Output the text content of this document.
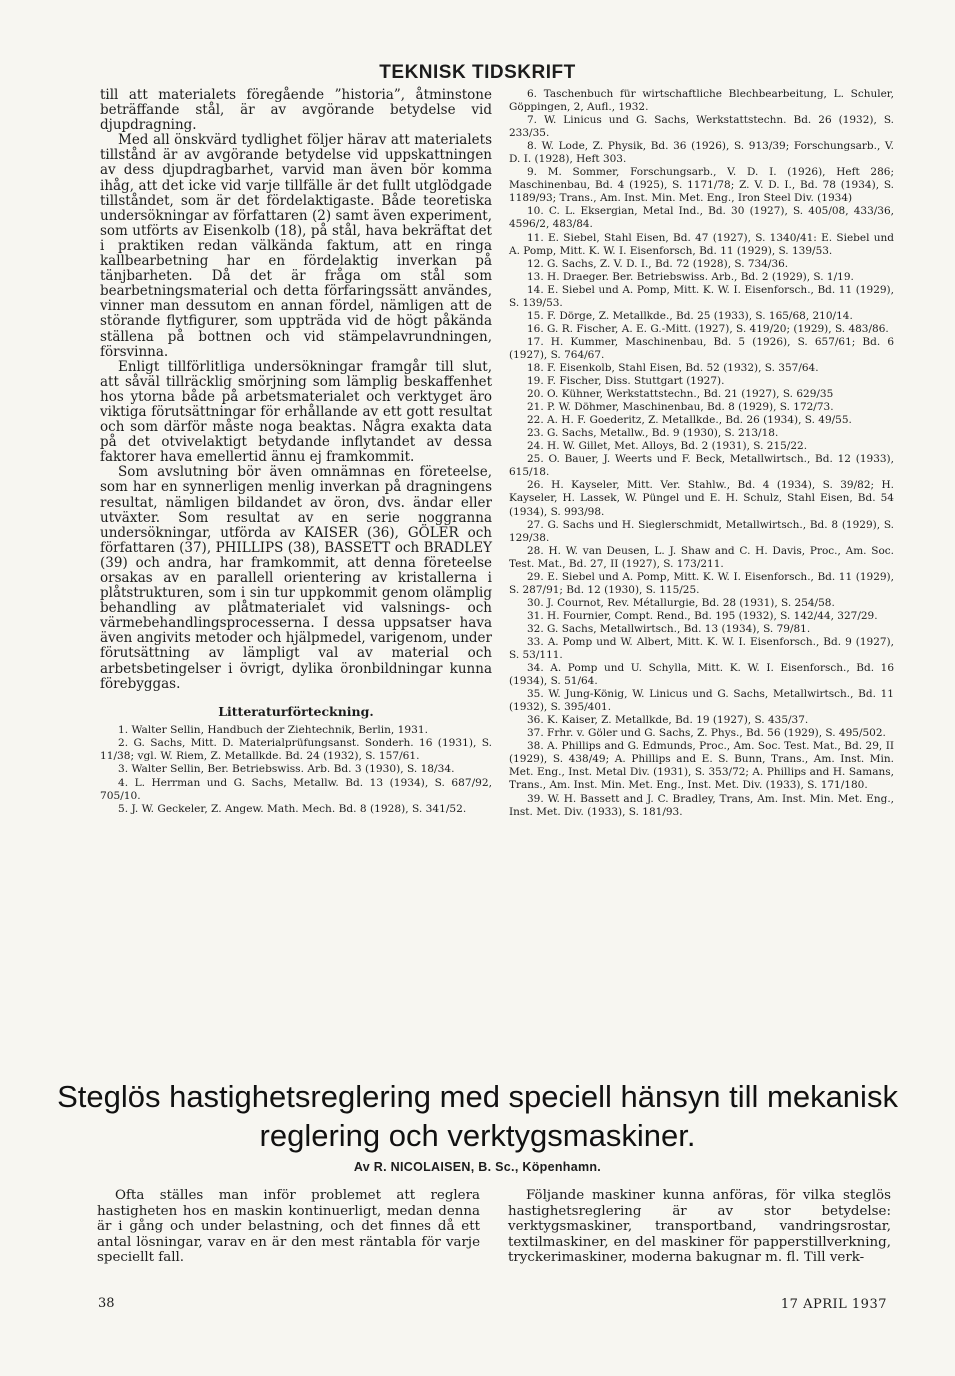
TEKNISK TIDSKRIFT

till att materialets föregående ”historia”, åtminstone beträffande stål, är av avgörande betydelse vid djupdragning.

Med all önskvärd tydlighet följer härav att materialets tillstånd är av avgörande betydelse vid uppskattningen av dess djupdragbarhet, varvid man även bör komma ihåg, att det icke vid varje tillfälle är det fullt utglödgade tillståndet, som är det fördelaktigaste. Både teoretiska undersökningar av författaren (2) samt även experiment, som utförts av Eisenkolb (18), på stål, hava bekräftat det i praktiken redan välkända faktum, att en ringa kallbearbetning har en fördelaktig inverkan på tänjbarheten. Då det är fråga om stål som bearbetningsmaterial och detta förfaringssätt användes, vinner man dessutom en annan fördel, nämligen att de störande flytfigurer, som uppträda vid de högt påkända ställena på bottnen och vid stämpelavrundningen, försvinna.

Enligt tillförlitliga undersökningar framgår till slut, att såväl tillräcklig smörjning som lämplig beskaffenhet hos ytorna både på arbetsmaterialet och verktyget äro viktiga förutsättningar för erhållande av ett gott resultat och som därför måste noga beaktas. Några exakta data på det otvivelaktigt betydande inflytandet av dessa faktorer hava emellertid ännu ej framkommit.

Som avslutning bör även omnämnas en företeelse, som har en synnerligen menlig inverkan på dragningens resultat, nämligen bildandet av öron, dvs. ändar eller utväxter. Som resultat av en serie noggranna undersökningar, utförda av KAISER (36), GÖLER och författaren (37), PHILLIPS (38), BASSETT och BRADLEY (39) och andra, har framkommit, att denna företeelse orsakas av en parallell orientering av kristallerna i plåtstrukturen, som i sin tur uppkommit genom olämplig behandling av plåtmaterialet vid valsnings- och värmebehandlingsprocesserna. I dessa uppsatser hava även angivits metoder och hjälpmedel, varigenom, under förutsättning av lämpligt val av material och arbetsbetingelser i övrigt, dylika öronbildningar kunna förebyggas.

Litteraturförteckning.

1. Walter Sellin, Handbuch der Ziehtechnik, Berlin, 1931.

2. G. Sachs, Mitt. D. Materialprüfungsanst. Sonderh. 16 (1931), S. 11/38; vgl. W. Riem, Z. Metallkde. Bd. 24 (1932), S. 157/61.

3. Walter Sellin, Ber. Betriebswiss. Arb. Bd. 3 (1930), S. 18/34.

4. L. Herrman und G. Sachs, Metallw. Bd. 13 (1934), S. 687/92, 705/10.

5. J. W. Geckeler, Z. Angew. Math. Mech. Bd. 8 (1928), S. 341/52.

6. Taschenbuch für wirtschaftliche Blechbearbeitung, L. Schuler, Göppingen, 2, Aufl., 1932.

7. W. Linicus und G. Sachs, Werkstattstechn. Bd. 26 (1932), S. 233/35.

8. W. Lode, Z. Physik, Bd. 36 (1926), S. 913/39; Forschungsarb., V. D. I. (1928), Heft 303.

9. M. Sommer, Forschungsarb., V. D. I. (1926), Heft 286; Maschinenbau, Bd. 4 (1925), S. 1171/78; Z. V. D. I., Bd. 78 (1934), S. 1189/93; Trans., Am. Inst. Min. Met. Eng., Iron Steel Div. (1934)

10. C. L. Eksergian, Metal Ind., Bd. 30 (1927), S. 405/08, 433/36, 4596/2, 483/84.

11. E. Siebel, Stahl Eisen, Bd. 47 (1927), S. 1340/41: E. Siebel und A. Pomp, Mitt. K. W. I. Eisenforsch, Bd. 11 (1929), S. 139/53.

12. G. Sachs, Z. V. D. I., Bd. 72 (1928), S. 734/36.

13. H. Draeger. Ber. Betriebswiss. Arb., Bd. 2 (1929), S. 1/19.

14. E. Siebel und A. Pomp, Mitt. K. W. I. Eisenforsch., Bd. 11 (1929), S. 139/53.

15. F. Dörge, Z. Metallkde., Bd. 25 (1933), S. 165/68, 210/14.

16. G. R. Fischer, A. E. G.-Mitt. (1927), S. 419/20; (1929), S. 483/86.

17. H. Kummer, Maschinenbau, Bd. 5 (1926), S. 657/61; Bd. 6 (1927), S. 764/67.

18. F. Eisenkolb, Stahl Eisen, Bd. 52 (1932), S. 357/64.

19. F. Fischer, Diss. Stuttgart (1927).

20. O. Kühner, Werkstattstechn., Bd. 21 (1927), S. 629/35

21. P. W. Döhmer, Maschinenbau, Bd. 8 (1929), S. 172/73.

22. A. H. F. Goederitz, Z. Metallkde., Bd. 26 (1934), S. 49/55.

23. G. Sachs, Metallw., Bd. 9 (1930), S. 213/18.

24. H. W. Gillet, Met. Alloys, Bd. 2 (1931), S. 215/22.

25. O. Bauer, J. Weerts und F. Beck, Metallwirtsch., Bd. 12 (1933), 615/18.

26. H. Kayseler, Mitt. Ver. Stahlw., Bd. 4 (1934), S. 39/82; H. Kayseler, H. Lassek, W. Püngel und E. H. Schulz, Stahl Eisen, Bd. 54 (1934), S. 993/98.

27. G. Sachs und H. Sieglerschmidt, Metallwirtsch., Bd. 8 (1929), S. 129/38.

28. H. W. van Deusen, L. J. Shaw and C. H. Davis, Proc., Am. Soc. Test. Mat., Bd. 27, II (1927), S. 173/211.

29. E. Siebel und A. Pomp, Mitt. K. W. I. Eisenforsch., Bd. 11 (1929), S. 287/91; Bd. 12 (1930), S. 115/25.

30. J. Cournot, Rev. Métallurgie, Bd. 28 (1931), S. 254/58.

31. H. Fournier, Compt. Rend., Bd. 195 (1932), S. 142/44, 327/29.

32. G. Sachs, Metallwirtsch., Bd. 13 (1934), S. 79/81.

33. A. Pomp und W. Albert, Mitt. K. W. I. Eisenforsch., Bd. 9 (1927), S. 53/111.

34. A. Pomp und U. Schylla, Mitt. K. W. I. Eisenforsch., Bd. 16 (1934), S. 51/64.

35. W. Jung-König, W. Linicus und G. Sachs, Metallwirtsch., Bd. 11 (1932), S. 395/401.

36. K. Kaiser, Z. Metallkde, Bd. 19 (1927), S. 435/37.

37. Frhr. v. Göler und G. Sachs, Z. Phys., Bd. 56 (1929), S. 495/502.

38. A. Phillips and G. Edmunds, Proc., Am. Soc. Test. Mat., Bd. 29, II (1929), S. 438/49; A. Phillips and E. S. Bunn, Trans., Am. Inst. Min. Met. Eng., Inst. Metal Div. (1931), S. 353/72; A. Phillips and H. Samans, Trans., Am. Inst. Min. Met. Eng., Inst. Met. Div. (1933), S. 171/180.

39. W. H. Bassett and J. C. Bradley, Trans, Am. Inst. Min. Met. Eng., Inst. Met. Div. (1933), S. 181/93.

Steglös hastighetsreglering med speciell hänsyn till mekanisk reglering och verktygsmaskiner.
Av R. NICOLAISEN, B. Sc., Köpenhamn.

Ofta ställes man inför problemet att reglera hastigheten hos en maskin kontinuerligt, medan denna är i gång och under belastning, och det finnes då ett antal lösningar, varav en är den mest räntabla för varje speciellt fall.

Följande maskiner kunna anföras, för vilka steglös hastighetsreglering är av stor betydelse: verktygsmaskiner, transportband, vandringsrostar, textilmaskiner, en del maskiner för papperstillverkning, tryckerimaskiner, moderna bakugnar m. fl. Till verk-

38	17 APRIL 1937
